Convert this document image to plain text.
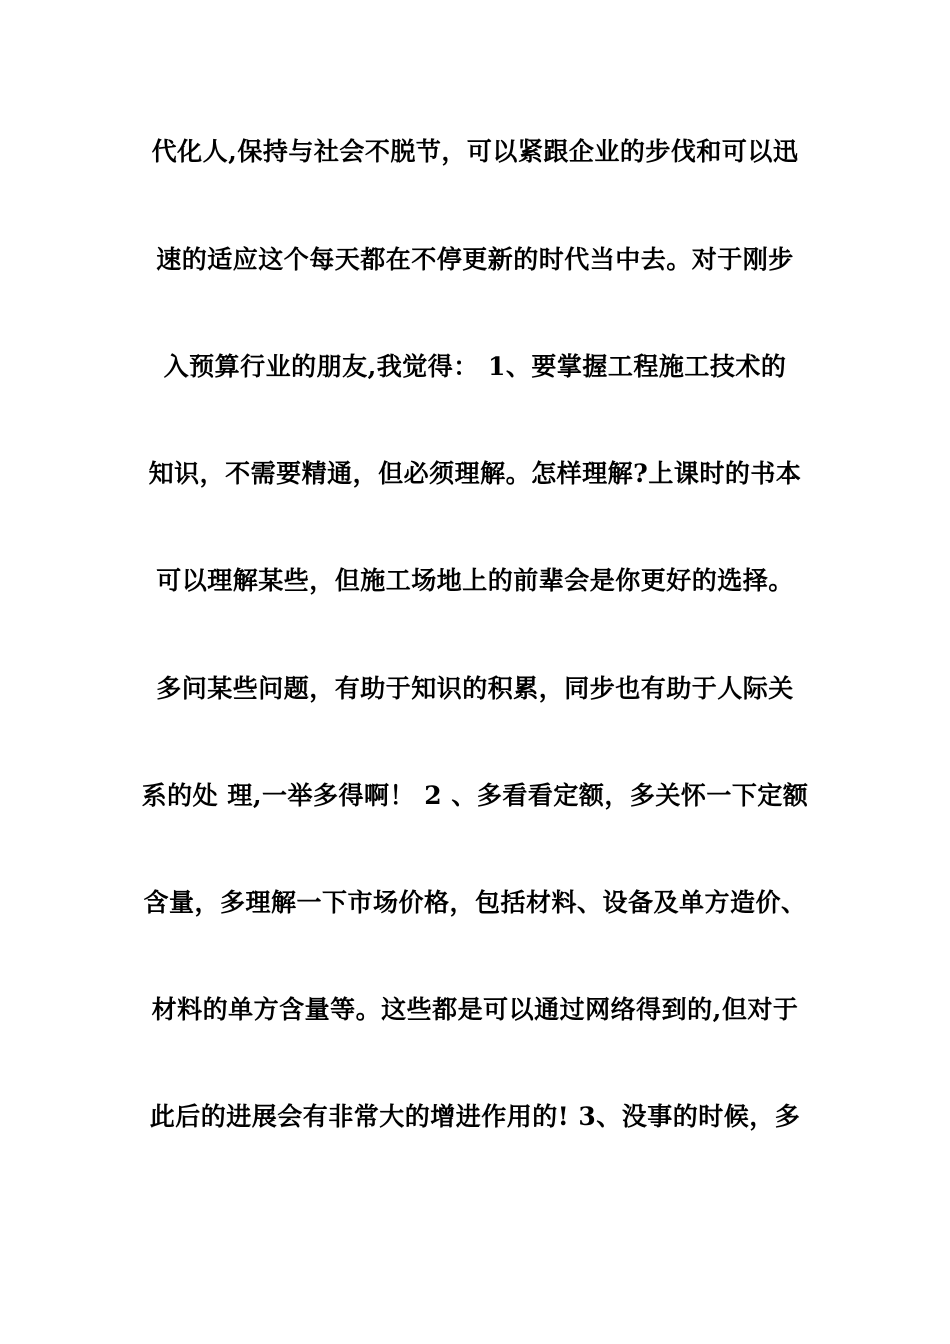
代化人,保持与社会不脱节，可以紧跟企业的步伐和可以迅
速的适应这个每天都在不停更新的时代当中去。对于刚步
入预算行业的朋友,我觉得： 1、要掌握工程施工技术的
知识，不需要精通，但必须理解。怎样理解?上课时的书本
可以理解某些，但施工场地上的前辈会是你更好的选择。
多问某些问题，有助于知识的积累，同步也有助于人际关
系的处 理,一举多得啊！ 2 、多看看定额，多关怀一下定额
含量，多理解一下市场价格，包括材料、设备及单方造价、
材料的单方含量等。这些都是可以通过网络得到的,但对于
此后的进展会有非常大的增进作用的! 3、没事的时候，多
